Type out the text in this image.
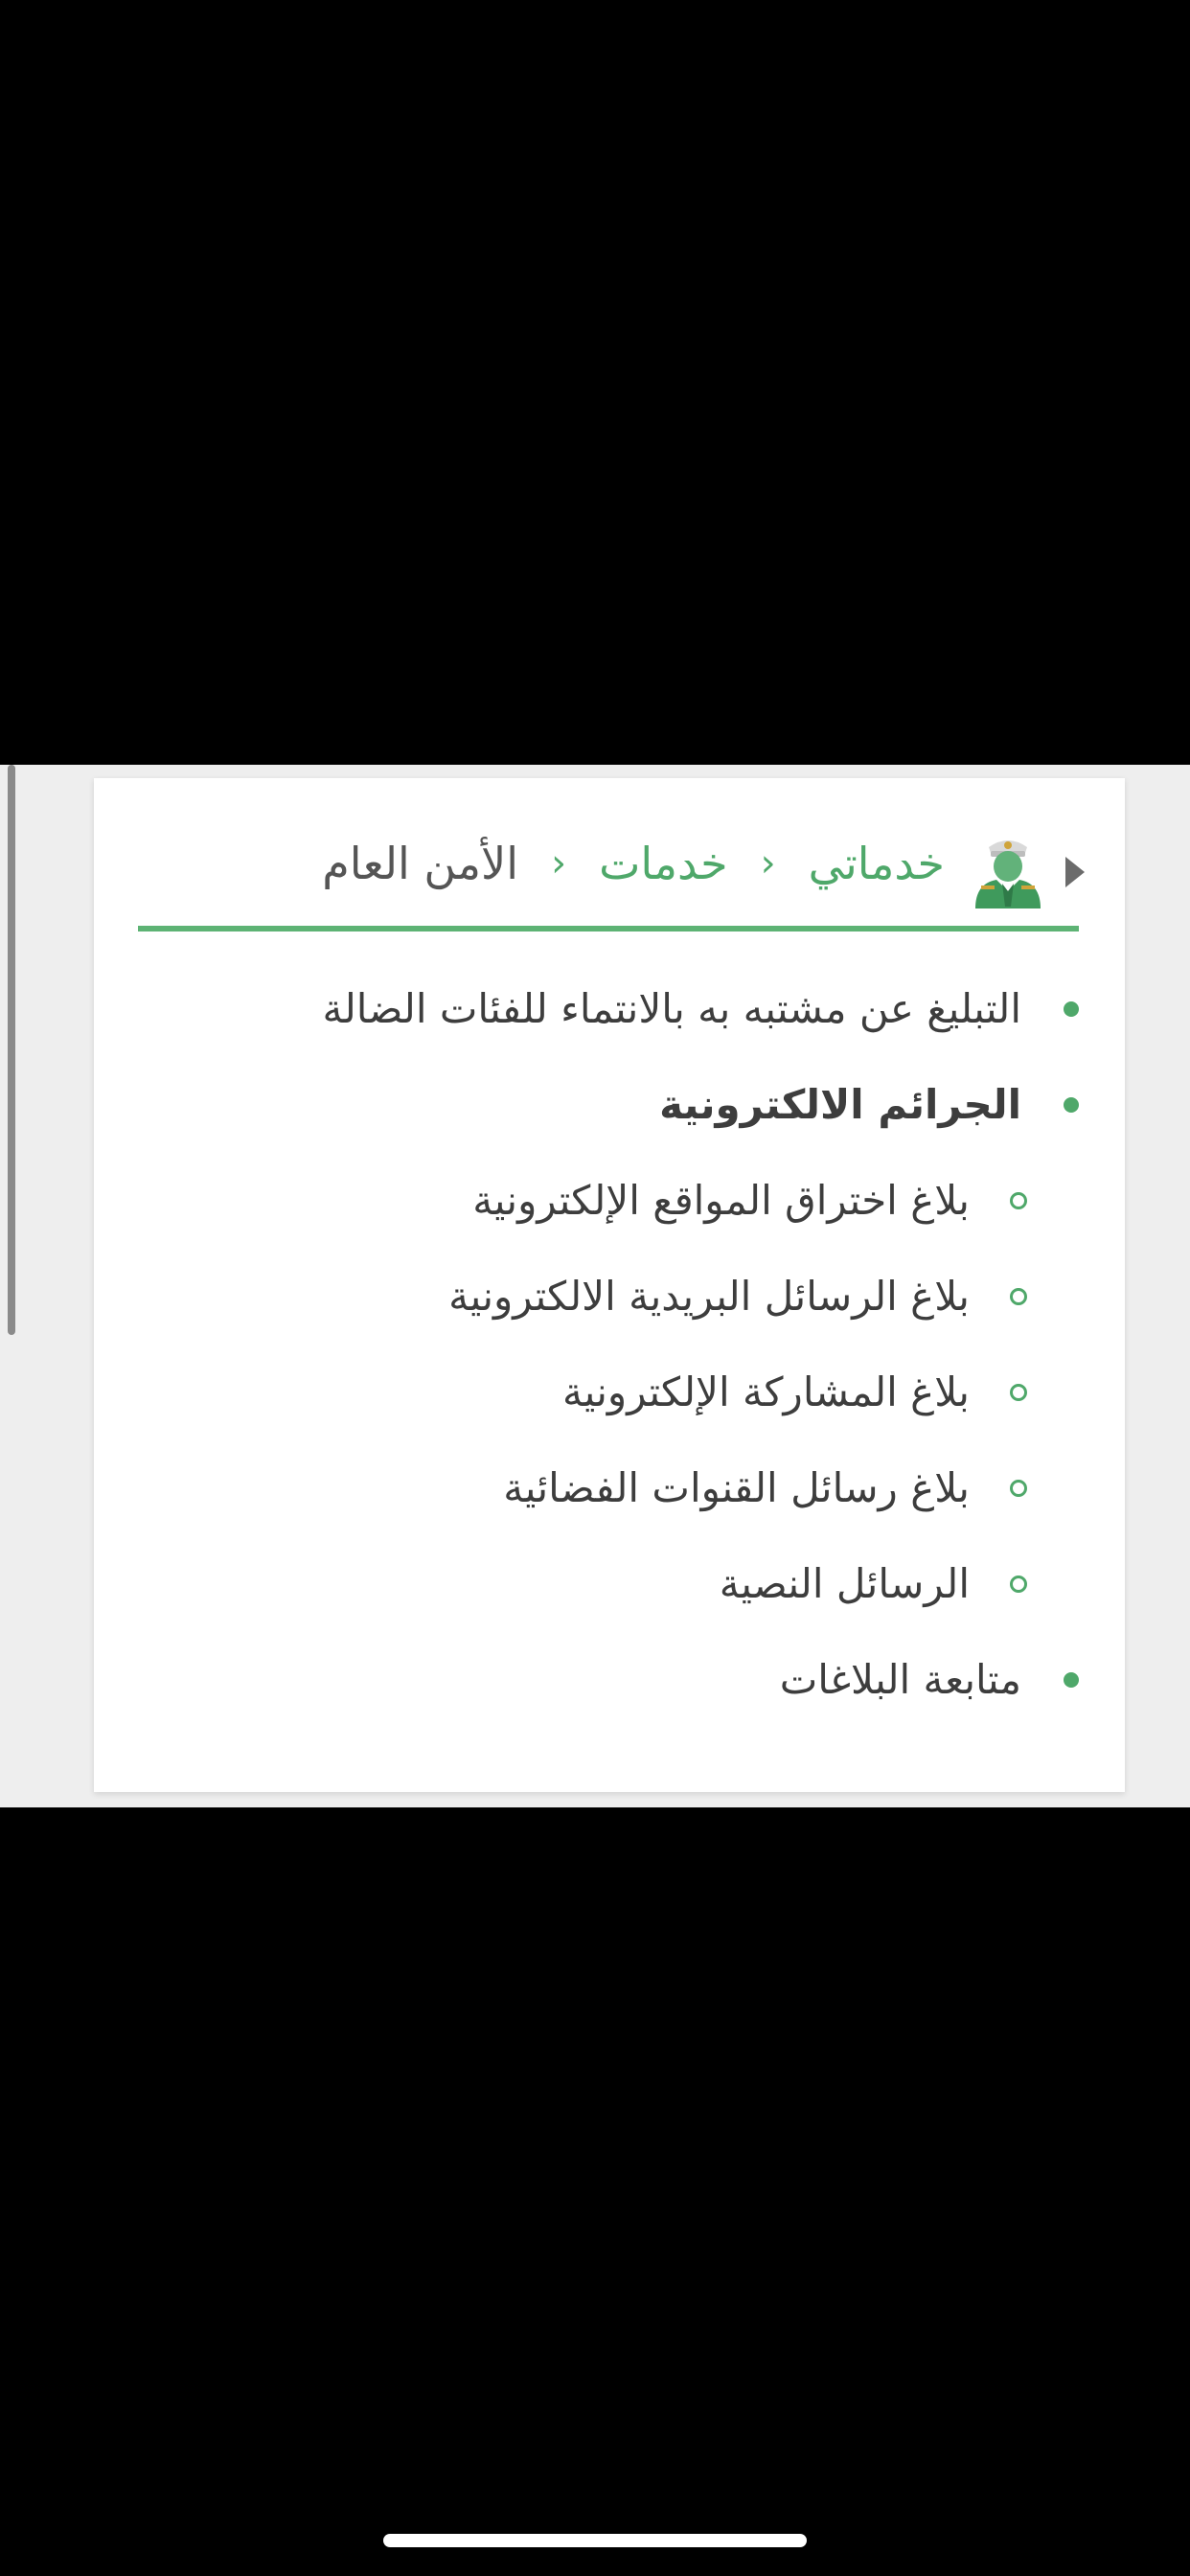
خدماتي
‹
خدمات
‹
الأمن العام
التبليغ عن مشتبه به بالانتماء للفئات الضالة
الجرائم الالكترونية
بلاغ اختراق المواقع الإلكترونية
بلاغ الرسائل البريدية الالكترونية
بلاغ المشاركة الإلكترونية
بلاغ رسائل القنوات الفضائية
الرسائل النصية
متابعة البلاغات
